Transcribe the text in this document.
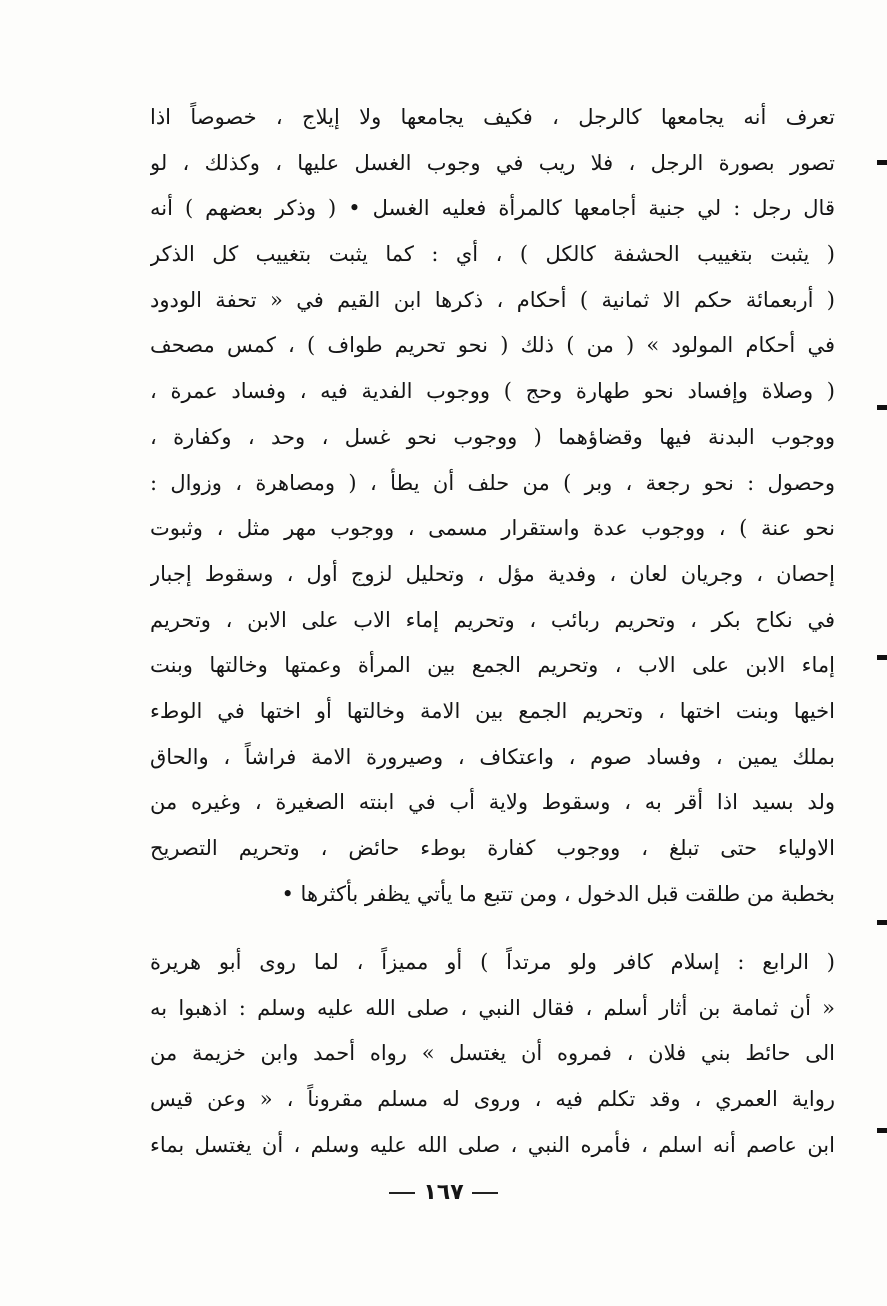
تعرف أنه يجامعها كالرجل ، فكيف يجامعها ولا إيلاج ، خصوصاً اذا
تصور بصورة الرجل ، فلا ريب في وجوب الغسل عليها ، وكذلك ، لو
قال رجل : لي جنية أجامعها كالمرأة فعليه الغسل • ( وذكر بعضهم ) أنه
( يثبت بتغييب الحشفة كالكل ) ، أي : كما يثبت بتغييب كل الذكر
( أربعمائة حكم الا ثمانية ) أحكام ، ذكرها ابن القيم في « تحفة الودود
في أحكام المولود » ( من ) ذلك ( نحو تحريم طواف ) ، كمس مصحف
( وصلاة وإفساد نحو طهارة وحج ) ووجوب الفدية فيه ، وفساد عمرة ،
ووجوب البدنة فيها وقضاؤهما ( ووجوب نحو غسل ، وحد ، وكفارة ،
وحصول : نحو رجعة ، وبر ) من حلف أن يطأ ، ( ومصاهرة ، وزوال :
نحو عنة ) ، ووجوب عدة واستقرار مسمى ، ووجوب مهر مثل ، وثبوت
إحصان ، وجريان لعان ، وفدية مؤل ، وتحليل لزوج أول ، وسقوط إجبار
في نكاح بكر ، وتحريم ربائب ، وتحريم إماء الاب على الابن ، وتحريم
إماء الابن على الاب ، وتحريم الجمع بين المرأة وعمتها وخالتها وبنت
اخيها وبنت اختها ، وتحريم الجمع بين الامة وخالتها أو اختها في الوطء
بملك يمين ، وفساد صوم ، واعتكاف ، وصيرورة الامة فراشاً ، والحاق
ولد بسيد اذا أقر به ، وسقوط ولاية أب في ابنته الصغيرة ، وغيره من
الاولياء حتى تبلغ ، ووجوب كفارة بوطء حائض ، وتحريم التصريح
بخطبة من طلقت قبل الدخول ، ومن تتبع ما يأتي يظفر بأكثرها •
( الرابع : إسلام كافر ولو مرتداً ) أو مميزاً ، لما روى أبو هريرة
« أن ثمامة بن أثار أسلم ، فقال النبي ، صلى الله عليه وسلم : اذهبوا به
الى حائط بني فلان ، فمروه أن يغتسل » رواه أحمد وابن خزيمة من
رواية العمري ، وقد تكلم فيه ، وروى له مسلم مقروناً ، « وعن قيس
ابن عاصم أنه اسلم ، فأمره النبي ، صلى الله عليه وسلم ، أن يغتسل بماء
١٦٧
